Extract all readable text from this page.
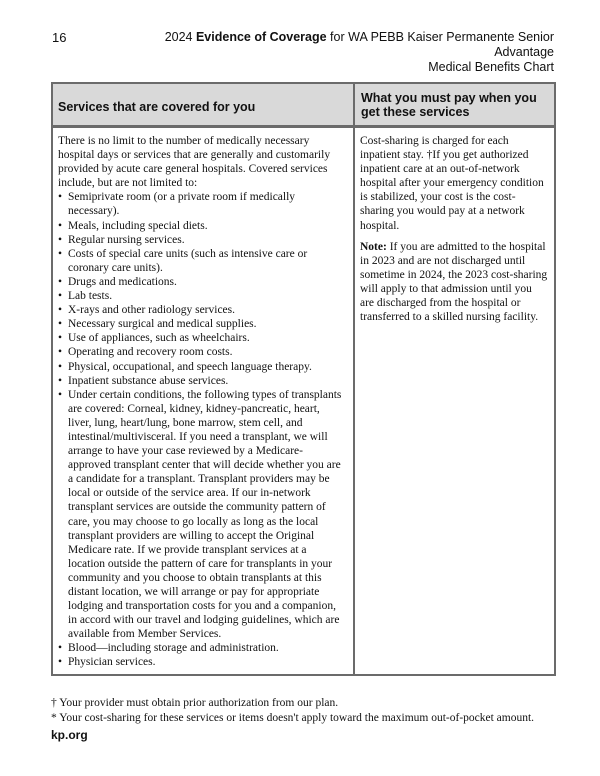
16	2024 Evidence of Coverage for WA PEBB Kaiser Permanente Senior Advantage
Medical Benefits Chart
Services that are covered for you
What you must pay when you get these services

There is no limit to the number of medically necessary hospital days or services that are generally and customarily provided by acute care general hospitals. Covered services include, but are not limited to:

• Semiprivate room (or a private room if medically necessary).
• Meals, including special diets.
• Regular nursing services.
• Costs of special care units (such as intensive care or coronary care units).
• Drugs and medications.
• Lab tests.
• X-rays and other radiology services.
• Necessary surgical and medical supplies.
• Use of appliances, such as wheelchairs.
• Operating and recovery room costs.
• Physical, occupational, and speech language therapy.
• Inpatient substance abuse services.
• Under certain conditions, the following types of transplants are covered: Corneal, kidney, kidney-pancreatic, heart, liver, lung, heart/lung, bone marrow, stem cell, and intestinal/multivisceral. If you need a transplant, we will arrange to have your case reviewed by a Medicare-approved transplant center that will decide whether you are a candidate for a transplant. Transplant providers may be local or outside of the service area. If our in-network transplant services are outside the community pattern of care, you may choose to go locally as long as the local transplant providers are willing to accept the Original Medicare rate. If we provide transplant services at a location outside the pattern of care for transplants in your community and you choose to obtain transplants at this distant location, we will arrange or pay for appropriate lodging and transportation costs for you and a companion, in accord with our travel and lodging guidelines, which are available from Member Services.
• Blood—including storage and administration.
• Physician services.

Cost-sharing is charged for each inpatient stay. †If you get authorized inpatient care at an out-of-network hospital after your emergency condition is stabilized, your cost is the cost-sharing you would pay at a network hospital.

Note: If you are admitted to the hospital in 2023 and are not discharged until sometime in 2024, the 2023 cost-sharing will apply to that admission until you are discharged from the hospital or transferred to a skilled nursing facility.

† Your provider must obtain prior authorization from our plan.
* Your cost-sharing for these services or items doesn't apply toward the maximum out-of-pocket amount.
kp.org
